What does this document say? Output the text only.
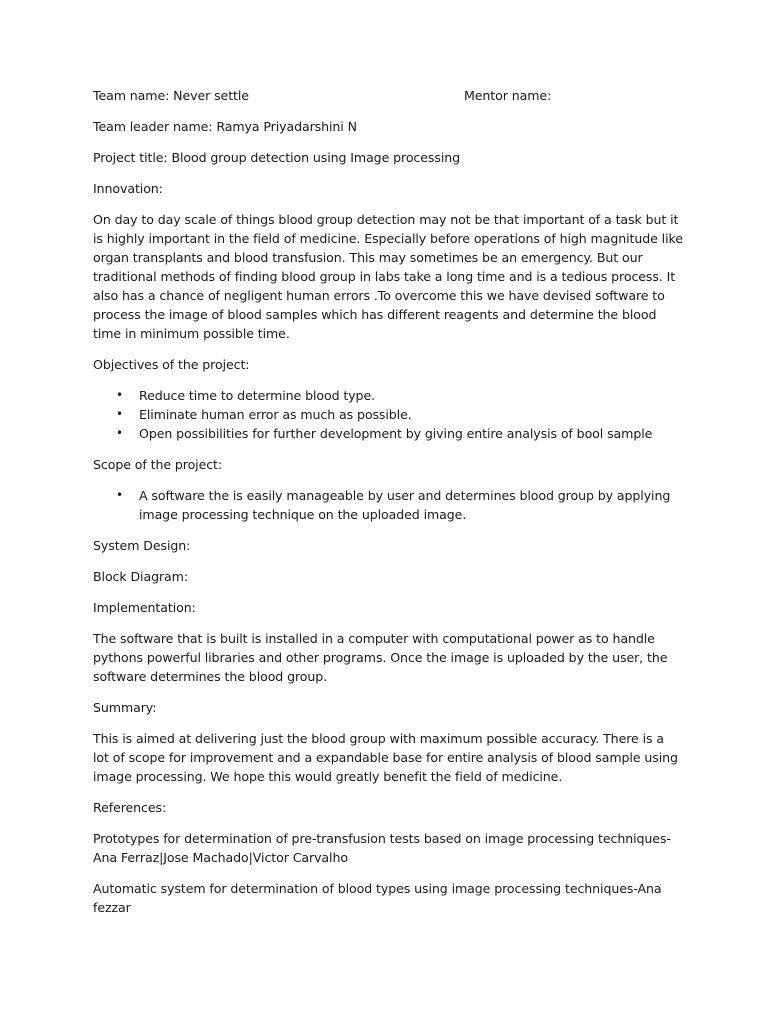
Team name: Never settle	Mentor name:
Team leader name: Ramya Priyadarshini N
Project title: Blood group detection using Image processing
Innovation:

On day to day scale of things blood group detection may not be that important of a task but it is highly important in the field of medicine. Especially before operations of high magnitude like organ transplants and blood transfusion. This may sometimes be an emergency. But our traditional methods of finding blood group in labs take a long time and is a tedious process. It also has a chance of negligent human errors .To overcome this we have devised software to process the image of blood samples which has different reagents and determine the blood time in minimum possible time.

Objectives of the project:
• Reduce time to determine blood type.
• Eliminate human error as much as possible.
• Open possibilities for further development by giving entire analysis of bool sample
Scope of the project:
• A software the is easily manageable by user and determines blood group by applying image processing technique on the uploaded image.
System Design:
Block Diagram:
Implementation:

The software that is built is installed in a computer with computational power as to handle pythons powerful libraries and other programs. Once the image is uploaded by the user, the software determines the blood group.

Summary:

This is aimed at delivering just the blood group with maximum possible accuracy. There is a lot of scope for improvement and a expandable base for entire analysis of blood sample using image processing. We hope this would greatly benefit the field of medicine.

References:

Prototypes for determination of pre-transfusion tests based on image processing techniques- Ana Ferraz|Jose Machado|Victor Carvalho

Automatic system for determination of blood types using image processing techniques-Ana fezzar
